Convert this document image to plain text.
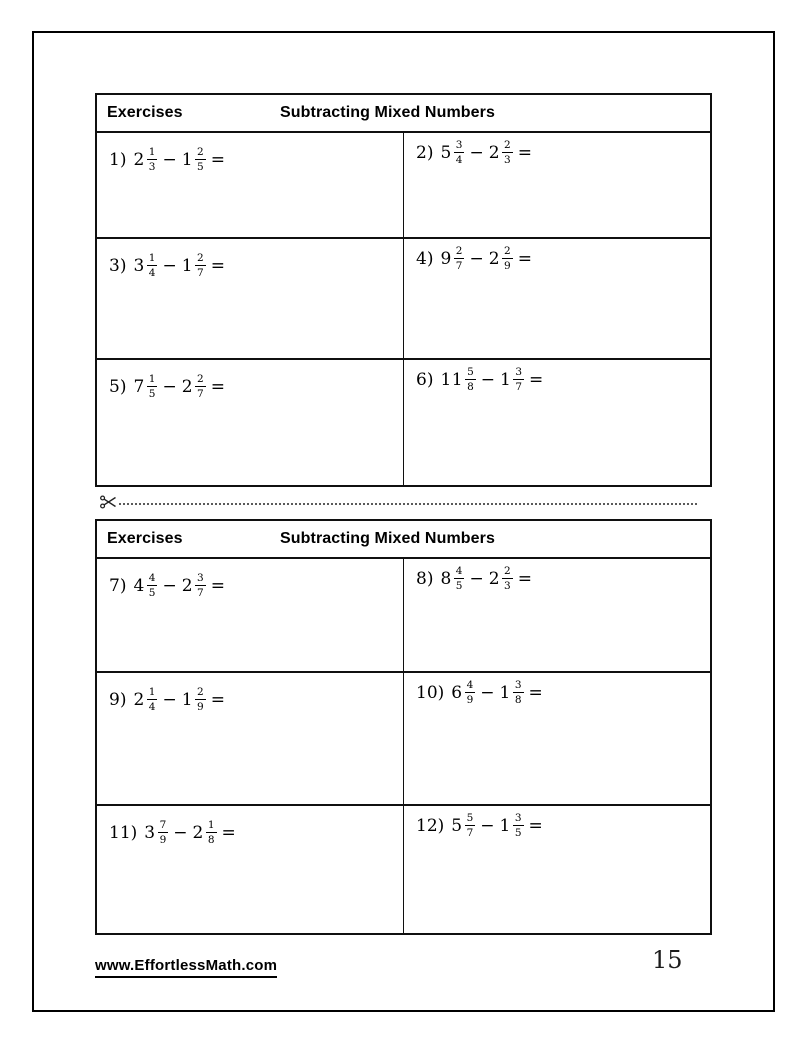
Exercises	Subtracting Mixed Numbers
1) $2 \frac{1}{3} - 1 \frac{2}{5}$ =	2) $5 \frac{3}{4} - 2 \frac{2}{3}$ =
3) $3 \frac{1}{4} - 1 \frac{2}{7}$ =	4) $9 \frac{2}{7} - 2 \frac{2}{9}$ =
5) $7 \frac{1}{5} - 2 \frac{2}{7}$ =	6) $11 \frac{5}{8} - 1 \frac{3}{7}$ =
Exercises	Subtracting Mixed Numbers
7) $4 \frac{4}{5} - 2 \frac{3}{7}$ =	8) $8 \frac{4}{5} - 2 \frac{2}{3}$ =
9) $2 \frac{1}{4} - 1 \frac{2}{9}$ =	10) $6 \frac{4}{9} - 1 \frac{3}{8}$ =
11) $3 \frac{7}{9} - 2 \frac{1}{8}$ =	12) $5 \frac{5}{7} - 1 \frac{3}{5}$ =
www.EffortlessMath.com	15
